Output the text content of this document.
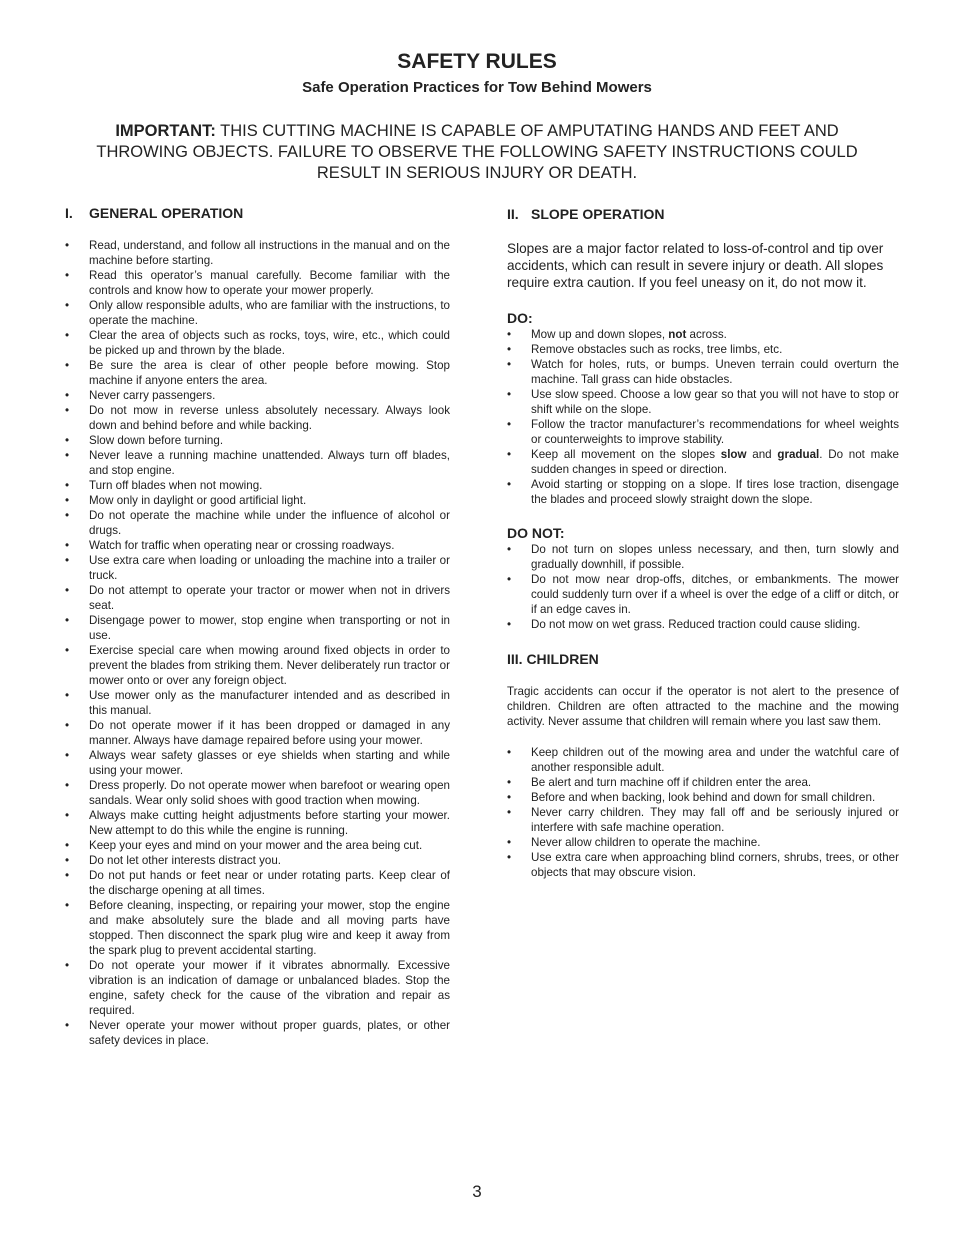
SAFETY RULES

Safe Operation Practices for Tow Behind Mowers

IMPORTANT: THIS CUTTING MACHINE IS CAPABLE OF AMPUTATING HANDS AND FEET AND THROWING OBJECTS. FAILURE TO OBSERVE THE FOLLOWING SAFETY INSTRUCTIONS COULD RESULT IN SERIOUS INJURY OR DEATH.

I. GENERAL OPERATION
• Read, understand, and follow all instructions in the manual and on the machine before starting.
• Read this operator’s manual carefully. Become familiar with the controls and know how to operate your mower properly.
• Only allow responsible adults, who are familiar with the instructions, to operate the machine.
• Clear the area of objects such as rocks, toys, wire, etc., which could be picked up and thrown by the blade.
• Be sure the area is clear of other people before mowing. Stop machine if anyone enters the area.
• Never carry passengers.
• Do not mow in reverse unless absolutely necessary. Always look down and behind before and while backing.
• Slow down before turning.
• Never leave a running machine unattended. Always turn off blades, and stop engine.
• Turn off blades when not mowing.
• Mow only in daylight or good artificial light.
• Do not operate the machine while under the influence of alcohol or drugs.
• Watch for traffic when operating near or crossing roadways.
• Use extra care when loading or unloading the machine into a trailer or truck.
• Do not attempt to operate your tractor or mower when not in drivers seat.
• Disengage power to mower, stop engine when transporting or not in use.
• Exercise special care when mowing around fixed objects in order to prevent the blades from striking them. Never deliberately run tractor or mower onto or over any foreign object.
• Use mower only as the manufacturer intended and as described in this manual.
• Do not operate mower if it has been dropped or damaged in any manner. Always have damage repaired before using your mower.
• Always wear safety glasses or eye shields when starting and while using your mower.
• Dress properly. Do not operate mower when barefoot or wearing open sandals. Wear only solid shoes with good traction when mowing.
• Always make cutting height adjustments before starting your mower. New attempt to do this while the engine is running.
• Keep your eyes and mind on your mower and the area being cut.
• Do not let other interests distract you.
• Do not put hands or feet near or under rotating parts. Keep clear of the discharge opening at all times.
• Before cleaning, inspecting, or repairing your mower, stop the engine and make absolutely sure the blade and all moving parts have stopped. Then disconnect the spark plug wire and keep it away from the spark plug to prevent accidental starting.
• Do not operate your mower if it vibrates abnormally. Excessive vibration is an indication of damage or unbalanced blades. Stop the engine, safety check for the cause of the vibration and repair as required.
• Never operate your mower without proper guards, plates, or other safety devices in place.
II. SLOPE OPERATION

Slopes are a major factor related to loss-of-control and tip over accidents, which can result in severe injury or death. All slopes require extra caution. If you feel uneasy on it, do not mow it.

DO:
• Mow up and down slopes, not across.
• Remove obstacles such as rocks, tree limbs, etc.
• Watch for holes, ruts, or bumps. Uneven terrain could overturn the machine. Tall grass can hide obstacles.
• Use slow speed. Choose a low gear so that you will not have to stop or shift while on the slope.
• Follow the tractor manufacturer’s recommendations for wheel weights or counterweights to improve stability.
• Keep all movement on the slopes slow and gradual. Do not make sudden changes in speed or direction.
• Avoid starting or stopping on a slope. If tires lose traction, disengage the blades and proceed slowly straight down the slope.
DO NOT:
• Do not turn on slopes unless necessary, and then, turn slowly and gradually downhill, if possible.
• Do not mow near drop-offs, ditches, or embankments. The mower could suddenly turn over if a wheel is over the edge of a cliff or ditch, or if an edge caves in.
• Do not mow on wet grass. Reduced traction could cause sliding.
III. CHILDREN

Tragic accidents can occur if the operator is not alert to the presence of children. Children are often attracted to the machine and the mowing activity. Never assume that children will remain where you last saw them.

• Keep children out of the mowing area and under the watchful care of another responsible adult.
• Be alert and turn machine off if children enter the area.
• Before and when backing, look behind and down for small children.
• Never carry children. They may fall off and be seriously injured or interfere with safe machine operation.
• Never allow children to operate the machine.
• Use extra care when approaching blind corners, shrubs, trees, or other objects that may obscure vision.

3
